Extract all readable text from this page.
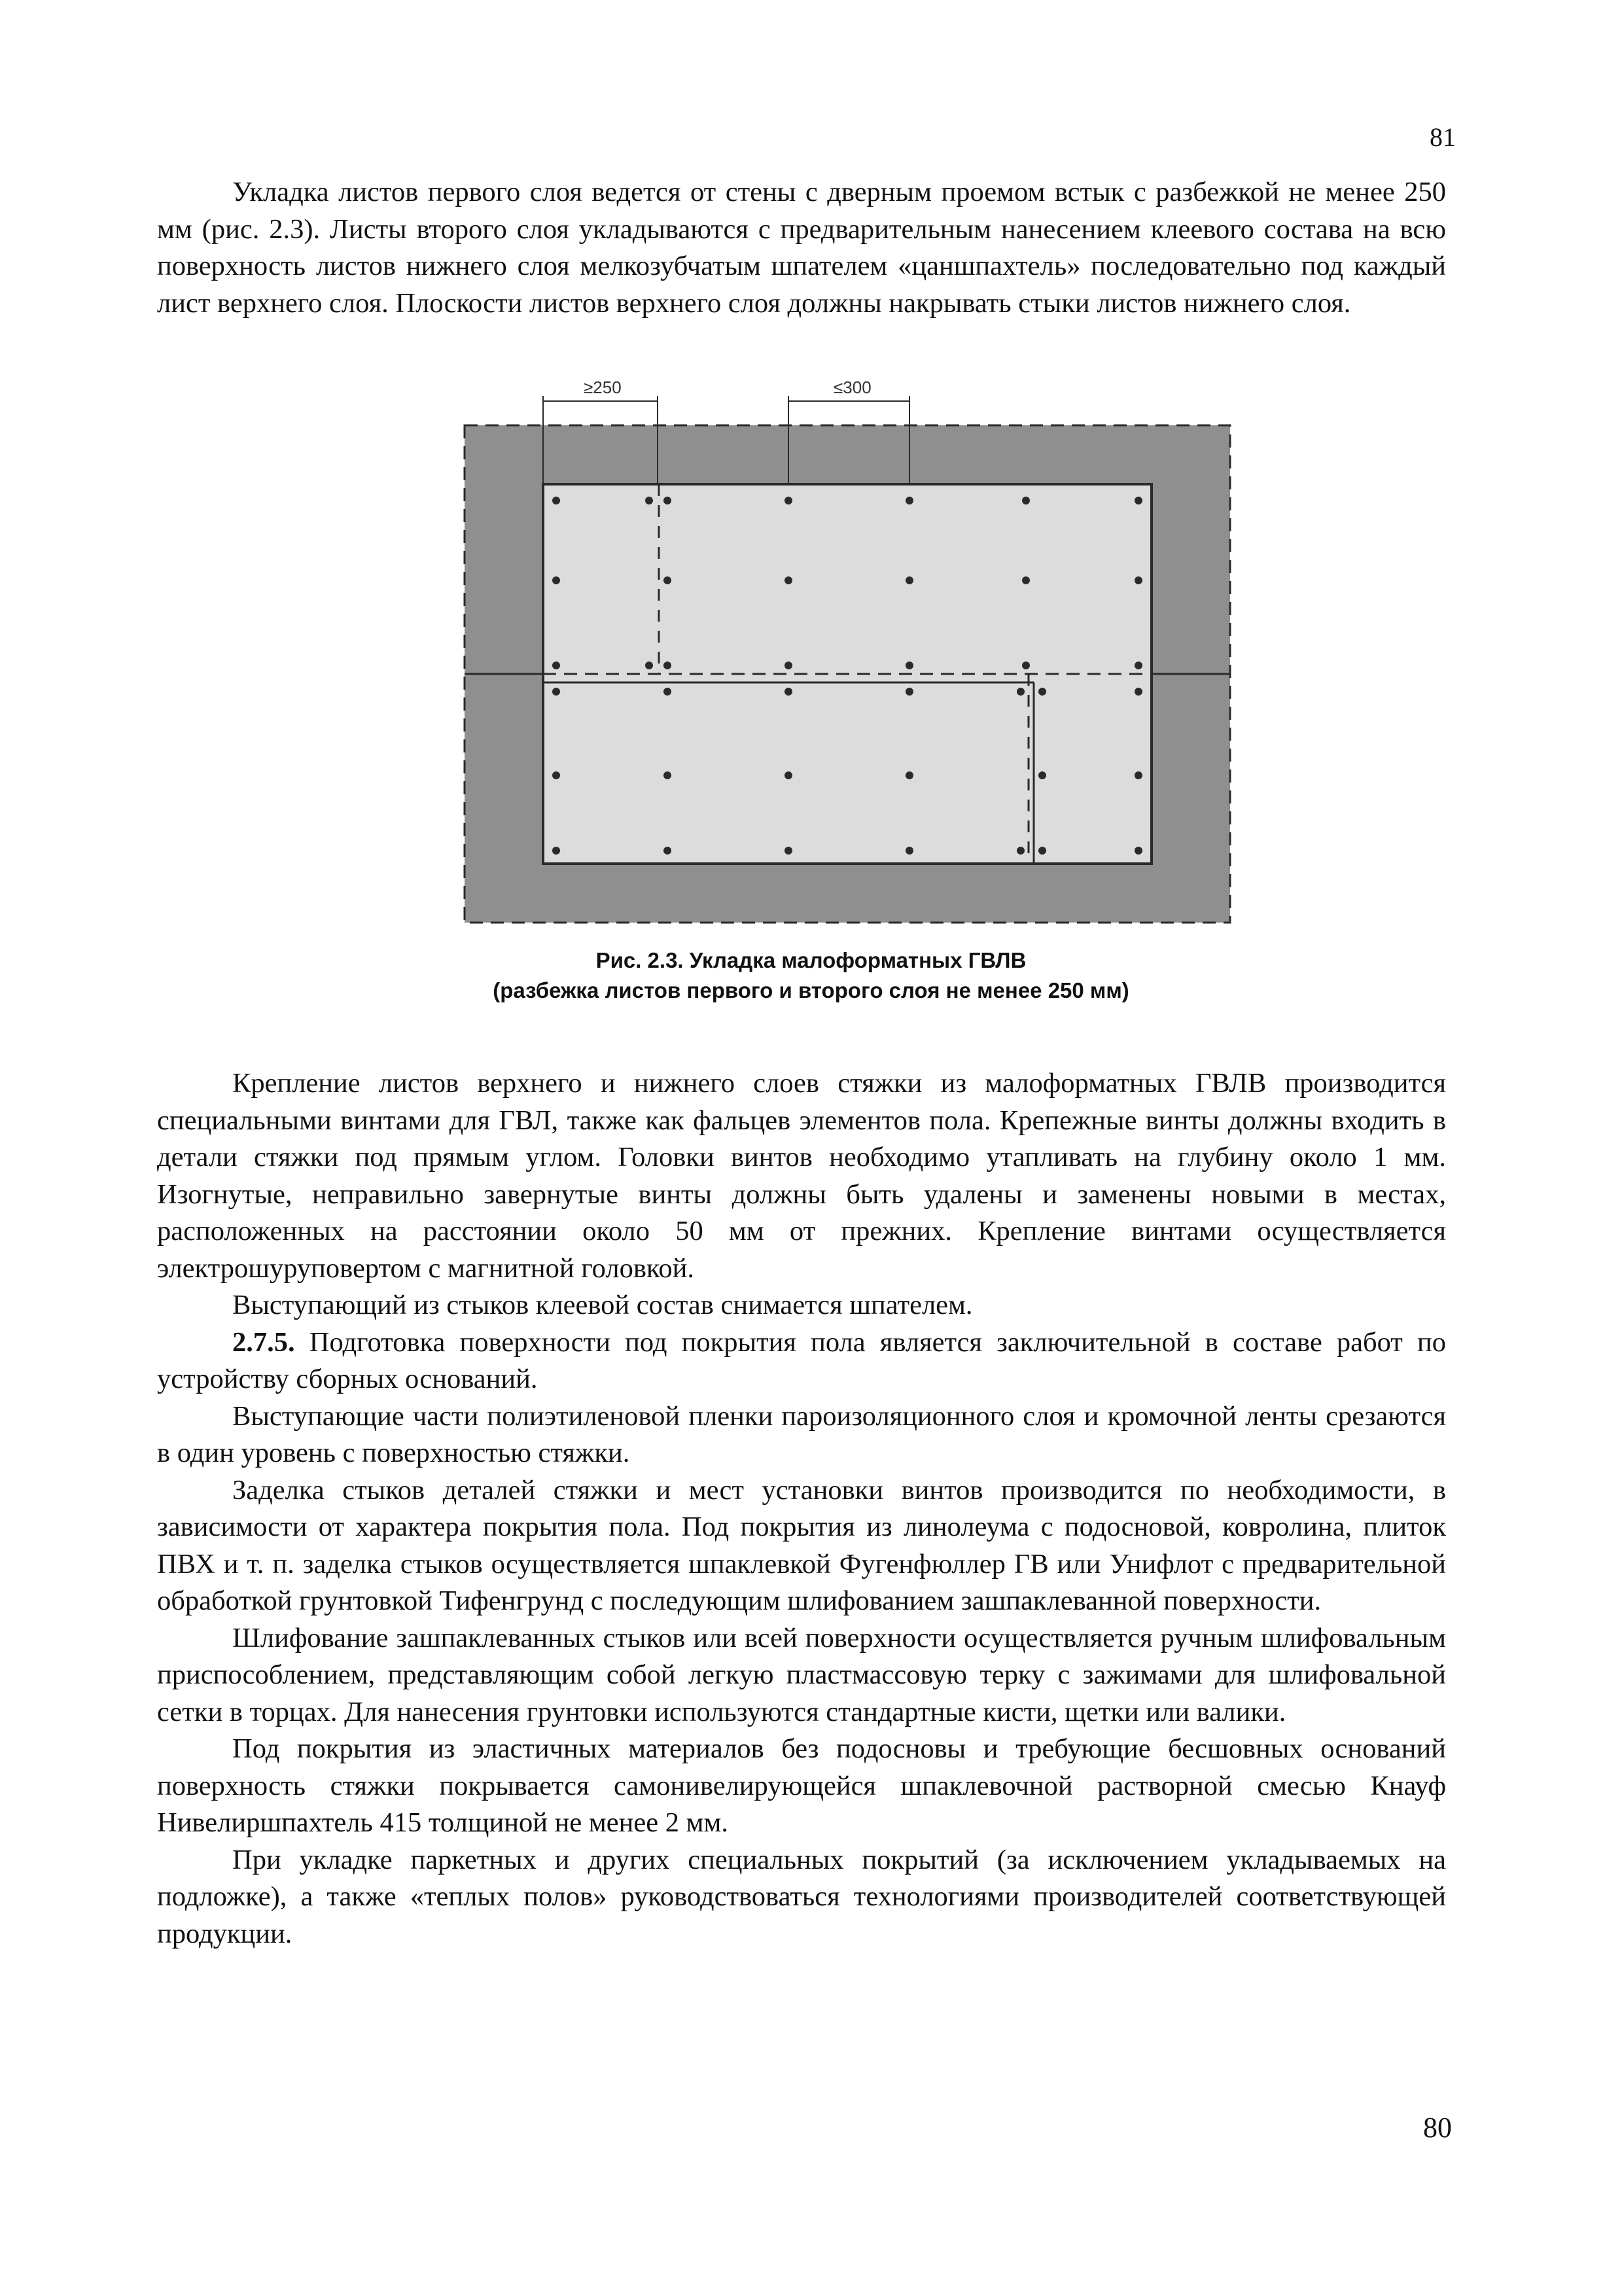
81

Укладка листов первого слоя ведется от стены с дверным проемом встык с разбежкой не менее 250 мм (рис. 2.3). Листы второго слоя укладываются с предварительным нанесением клеевого состава на всю поверхность листов нижнего слоя мелкозубчатым шпателем «цаншпахтель» последовательно под каждый лист верхнего слоя. Плоскости листов верхнего слоя должны накрывать стыки листов нижнего слоя.

≥250	≤300
Рис. 2.3. Укладка малоформатных ГВЛВ
(разбежка листов первого и второго слоя не менее 250 мм)

Крепление листов верхнего и нижнего слоев стяжки из малоформатных ГВЛВ производится специальными винтами для ГВЛ, также как фальцев элементов пола. Крепежные винты должны входить в детали стяжки под прямым углом. Головки винтов необходимо утапливать на глубину около 1 мм. Изогнутые, неправильно завернутые винты должны быть удалены и заменены новыми в местах, расположенных на расстоянии около 50 мм от прежних. Крепление винтами осуществляется электрошуруповертом с магнитной головкой.

Выступающий из стыков клеевой состав снимается шпателем.

2.7.5. Подготовка поверхности под покрытия пола является заключительной в составе работ по устройству сборных оснований.

Выступающие части полиэтиленовой пленки пароизоляционного слоя и кромочной ленты срезаются в один уровень с поверхностью стяжки.

Заделка стыков деталей стяжки и мест установки винтов производится по необходимости, в зависимости от характера покрытия пола. Под покрытия из линолеума с подосновой, ковролина, плиток ПВХ и т. п. заделка стыков осуществляется шпаклевкой Фугенфюллер ГВ или Унифлот с предварительной обработкой грунтовкой Тифенгрунд с последующим шлифованием зашпаклеванной поверхности.

Шлифование зашпаклеванных стыков или всей поверхности осуществляется ручным шлифовальным приспособлением, представляющим собой легкую пластмассовую терку с зажимами для шлифовальной сетки в торцах. Для нанесения грунтовки используются стандартные кисти, щетки или валики.

Под покрытия из эластичных материалов без подосновы и требующие бесшовных оснований поверхность стяжки покрывается самонивелирующейся шпаклевочной растворной смесью Кнауф Нивелиршпахтель 415 толщиной не менее 2 мм.

При укладке паркетных и других специальных покрытий (за исключением укладываемых на подложке), а также «теплых полов» руководствоваться технологиями производителей соответствующей продукции.

80
